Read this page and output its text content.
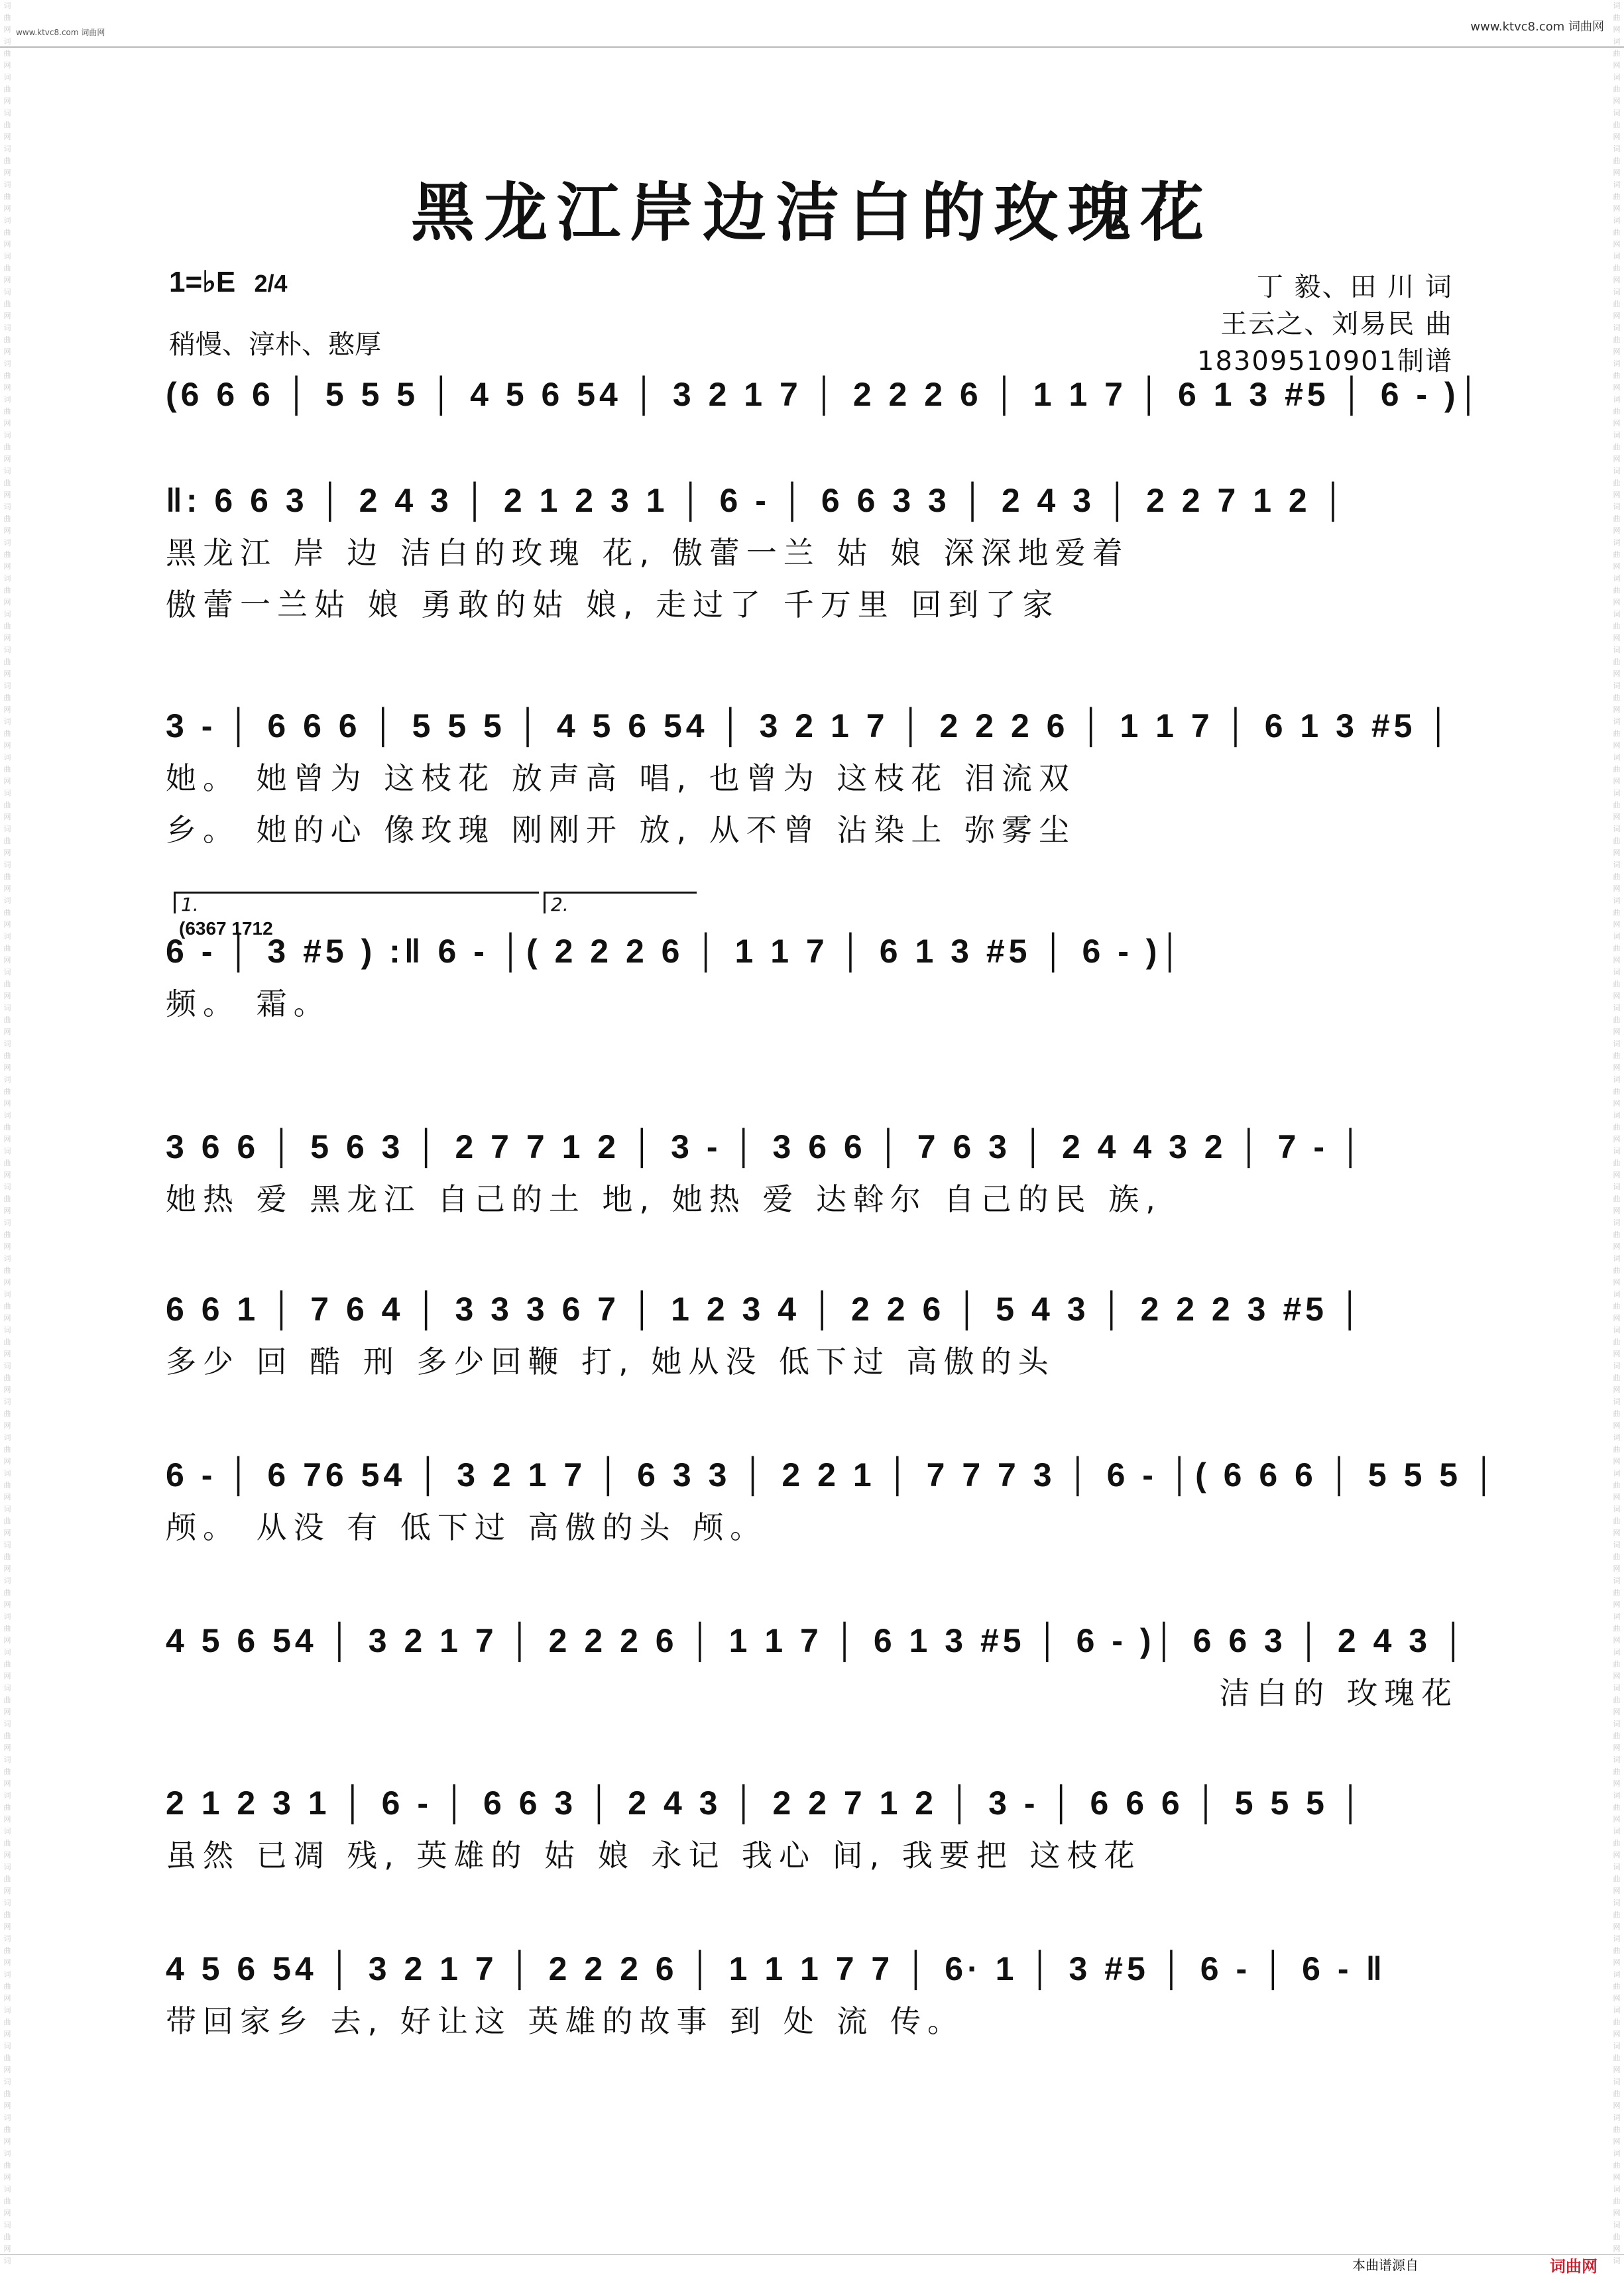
词
曲
网
词
曲
网
词
曲
网
词
曲
网
词
曲
网
词
曲
网
词
曲
网
词
曲
网
词
曲
网
词
曲
网
词
曲
网
词
曲
网
词
曲
网
词
曲
网
词
曲
网
词
曲
网
词
曲
网
词
曲
网
词
曲
网
词
曲
网
词
曲
网
词
曲
网
词
曲
网
词
曲
网
词
曲
网
词
曲
网
词
曲
网
词
曲
网
词
曲
网
词
曲
网
词
曲
网
词
曲
网
词
曲
网
词
曲
网
词
曲
网
词
曲
网
词
曲
网
词
曲
网
词
曲
网
词
曲
网
词
曲
网
词
曲
网
词
曲
网
词
曲
网
词
曲
网
词
曲
网
词
曲
网
词
曲
网
词
曲
网
词
曲
网
词
曲
网
词
曲
网
词
曲
网
词
曲
网
词
曲
网
词
曲
网
词
曲
网
词
曲
网
词
曲
网
词
曲
网
词
曲
网
词
曲
网
词
曲
网
词

词
曲
网
词
曲
网
词
曲
网
词
曲
网
词
曲
网
词
曲
网
词
曲
网
词
曲
网
词
曲
网
词
曲
网
词
曲
网
词
曲
网
词
曲
网
词
曲
网
词
曲
网
词
曲
网
词
曲
网
词
曲
网
词
曲
网
词
曲
网
词
曲
网
词
曲
网
词
曲
网
词
曲
网
词
曲
网
词
曲
网
词
曲
网
词
曲
网
词
曲
网
词
曲
网
词
曲
网
词
曲
网
词
曲
网
词
曲
网
词
曲
网
词
曲
网
词
曲
网
词
曲
网
词
曲
网
词
曲
网
词
曲
网
词
曲
网
词
曲
网
词
曲
网
词
曲
网
词
曲
网
词
曲
网
词
曲
网
词
曲
网
词
曲
网
词
曲
网
词
曲
网
词
曲
网
词
曲
网
词
曲
网
词
曲
网
词
曲
网
词
曲
网
词
曲
网
词
曲
网
词
曲
网
词
曲
网
词
曲
网
词

www.ktvc8.com 词曲网	www.ktvc8.com 词曲网
黑龙江岸边洁白的玫瑰花
1=♭E 2/4
稍慢、淳朴、憨厚
丁 毅、田 川 词
王云之、刘易民 曲
18309510901制谱
(6 6 6 │ 5 5 5 │ 4 5 6 54 │ 3 2 1 7 │ 2 2 2 6 │ 1 1 7 │ 6 1 3 #5 │ 6 - )│
‖: 6 6 3 │ 2 4 3 │ 2 1 2 3 1 │ 6 - │ 6 6 3 3 │ 2 4 3 │ 2 2 7 1 2 │
黑龙江 岸 边 洁白的玫瑰 花, 傲蕾一兰 姑 娘 深深地爱着
傲蕾一兰姑 娘 勇敢的姑 娘, 走过了 千万里 回到了家
3 - │ 6 6 6 │ 5 5 5 │ 4 5 6 54 │ 3 2 1 7 │ 2 2 2 6 │ 1 1 7 │ 6 1 3 #5 │
她。 她曾为 这枝花 放声高 唱, 也曾为 这枝花 泪流双
乡。 她的心 像玫瑰 刚刚开 放, 从不曾 沾染上 弥雾尘
1.	2.
(6367 1712
6 - │ 3 #5 ) :‖ 6 - │( 2 2 2 6 │ 1 1 7 │ 6 1 3 #5 │ 6 - )│
频。 霜。
3 6 6 │ 5 6 3 │ 2 7 7 1 2 │ 3 - │ 3 6 6 │ 7 6 3 │ 2 4 4 3 2 │ 7 - │
她热 爱 黑龙江 自己的土 地, 她热 爱 达斡尔 自己的民 族,
6 6 1 │ 7 6 4 │ 3 3 3 6 7 │ 1 2 3 4 │ 2 2 6 │ 5 4 3 │ 2 2 2 3 #5 │
多少 回 酷 刑 多少回鞭 打, 她从没 低下过 高傲的头
6 - │ 6 76 54 │ 3 2 1 7 │ 6 3 3 │ 2 2 1 │ 7 7 7 3 │ 6 - │( 6 6 6 │ 5 5 5 │
颅。 从没 有 低下过 高傲的头 颅。
4 5 6 54 │ 3 2 1 7 │ 2 2 2 6 │ 1 1 7 │ 6 1 3 #5 │ 6 - )│ 6 6 3 │ 2 4 3 │
洁白的 玫瑰花
2 1 2 3 1 │ 6 - │ 6 6 3 │ 2 4 3 │ 2 2 7 1 2 │ 3 - │ 6 6 6 │ 5 5 5 │
虽然 已凋 残, 英雄的 姑 娘 永记 我心 间, 我要把 这枝花
4 5 6 54 │ 3 2 1 7 │ 2 2 2 6 │ 1 1 1 7 7 │ 6· 1 │ 3 #5 │ 6 - │ 6 - ‖
带回家乡 去, 好让这 英雄的故事 到 处 流 传。
本曲谱源自	词曲网
